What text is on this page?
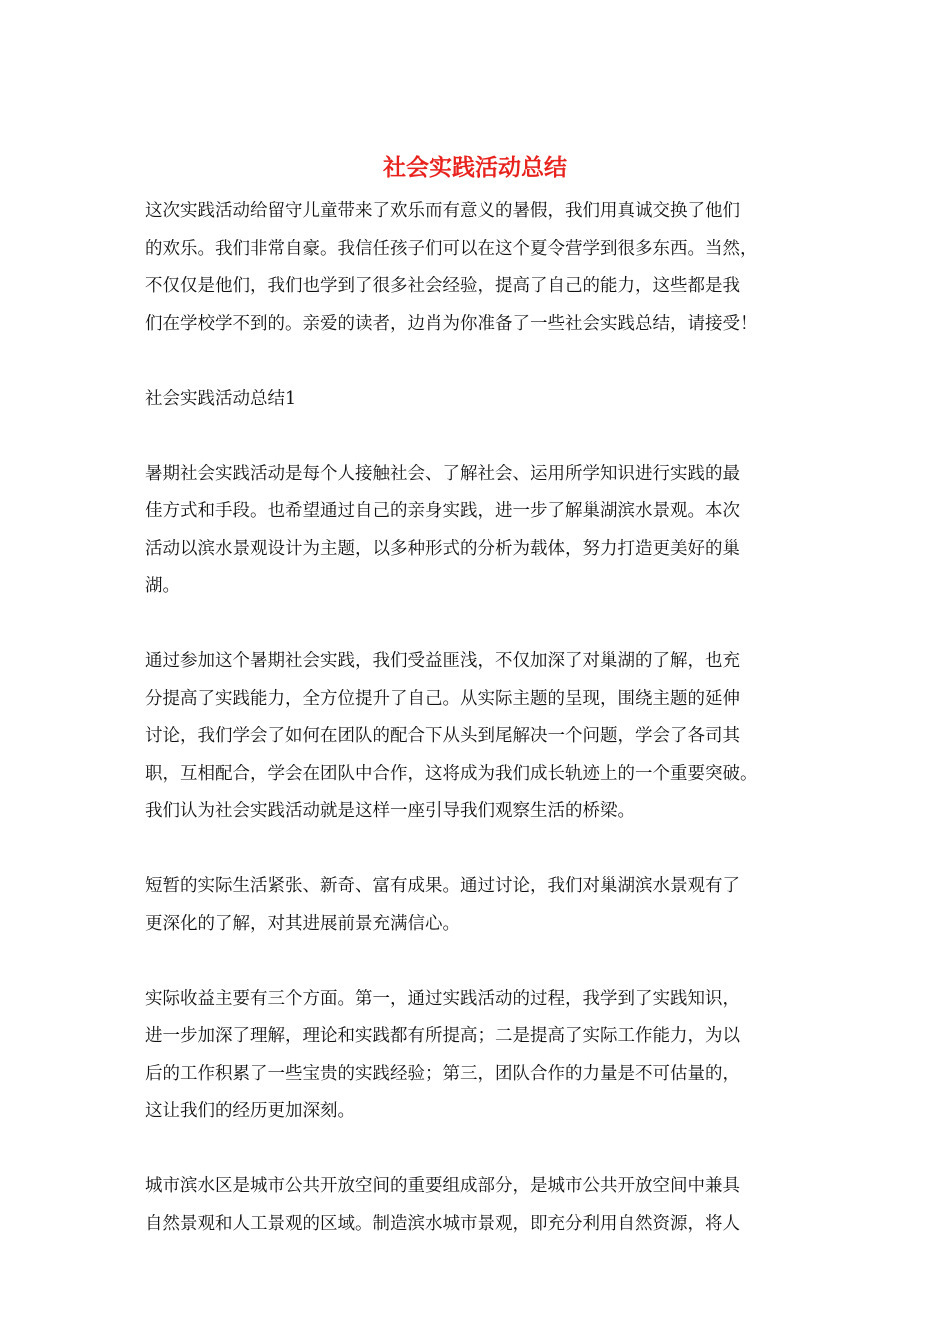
社会实践活动总结

这次实践活动给留守儿童带来了欢乐而有意义的暑假，我们用真诚交换了他们
的欢乐。我们非常自豪。我信任孩子们可以在这个夏令营学到很多东西。当然，
不仅仅是他们，我们也学到了很多社会经验，提高了自己的能力，这些都是我
们在学校学不到的。亲爱的读者，边肖为你准备了一些社会实践总结，请接受！

社会实践活动总结1

暑期社会实践活动是每个人接触社会、了解社会、运用所学知识进行实践的最
佳方式和手段。也希望通过自己的亲身实践，进一步了解巢湖滨水景观。本次
活动以滨水景观设计为主题，以多种形式的分析为载体，努力打造更美好的巢
湖。

通过参加这个暑期社会实践，我们受益匪浅，不仅加深了对巢湖的了解，也充
分提高了实践能力，全方位提升了自己。从实际主题的呈现，围绕主题的延伸
讨论，我们学会了如何在团队的配合下从头到尾解决一个问题，学会了各司其
职，互相配合，学会在团队中合作，这将成为我们成长轨迹上的一个重要突破。
我们认为社会实践活动就是这样一座引导我们观察生活的桥梁。

短暂的实际生活紧张、新奇、富有成果。通过讨论，我们对巢湖滨水景观有了
更深化的了解，对其进展前景充满信心。

实际收益主要有三个方面。第一，通过实践活动的过程，我学到了实践知识，
进一步加深了理解，理论和实践都有所提高；二是提高了实际工作能力，为以
后的工作积累了一些宝贵的实践经验；第三，团队合作的力量是不可估量的，
这让我们的经历更加深刻。

城市滨水区是城市公共开放空间的重要组成部分，是城市公共开放空间中兼具
自然景观和人工景观的区域。制造滨水城市景观，即充分利用自然资源，将人
